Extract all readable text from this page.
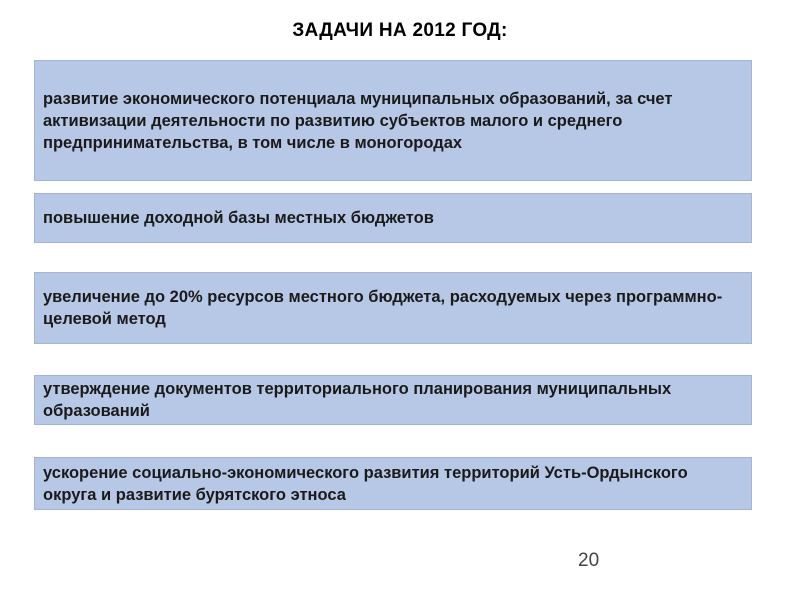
ЗАДАЧИ НА 2012 ГОД:
развитие экономического потенциала муниципальных образований, за счет активизации деятельности по развитию субъектов малого и среднего предпринимательства, в том числе в моногородах
повышение доходной базы местных бюджетов
увеличение до 20% ресурсов местного бюджета, расходуемых через программно-целевой метод
утверждение документов территориального планирования муниципальных образований
ускорение социально-экономического развития территорий Усть-Ордынского округа и развитие бурятского этноса
20
